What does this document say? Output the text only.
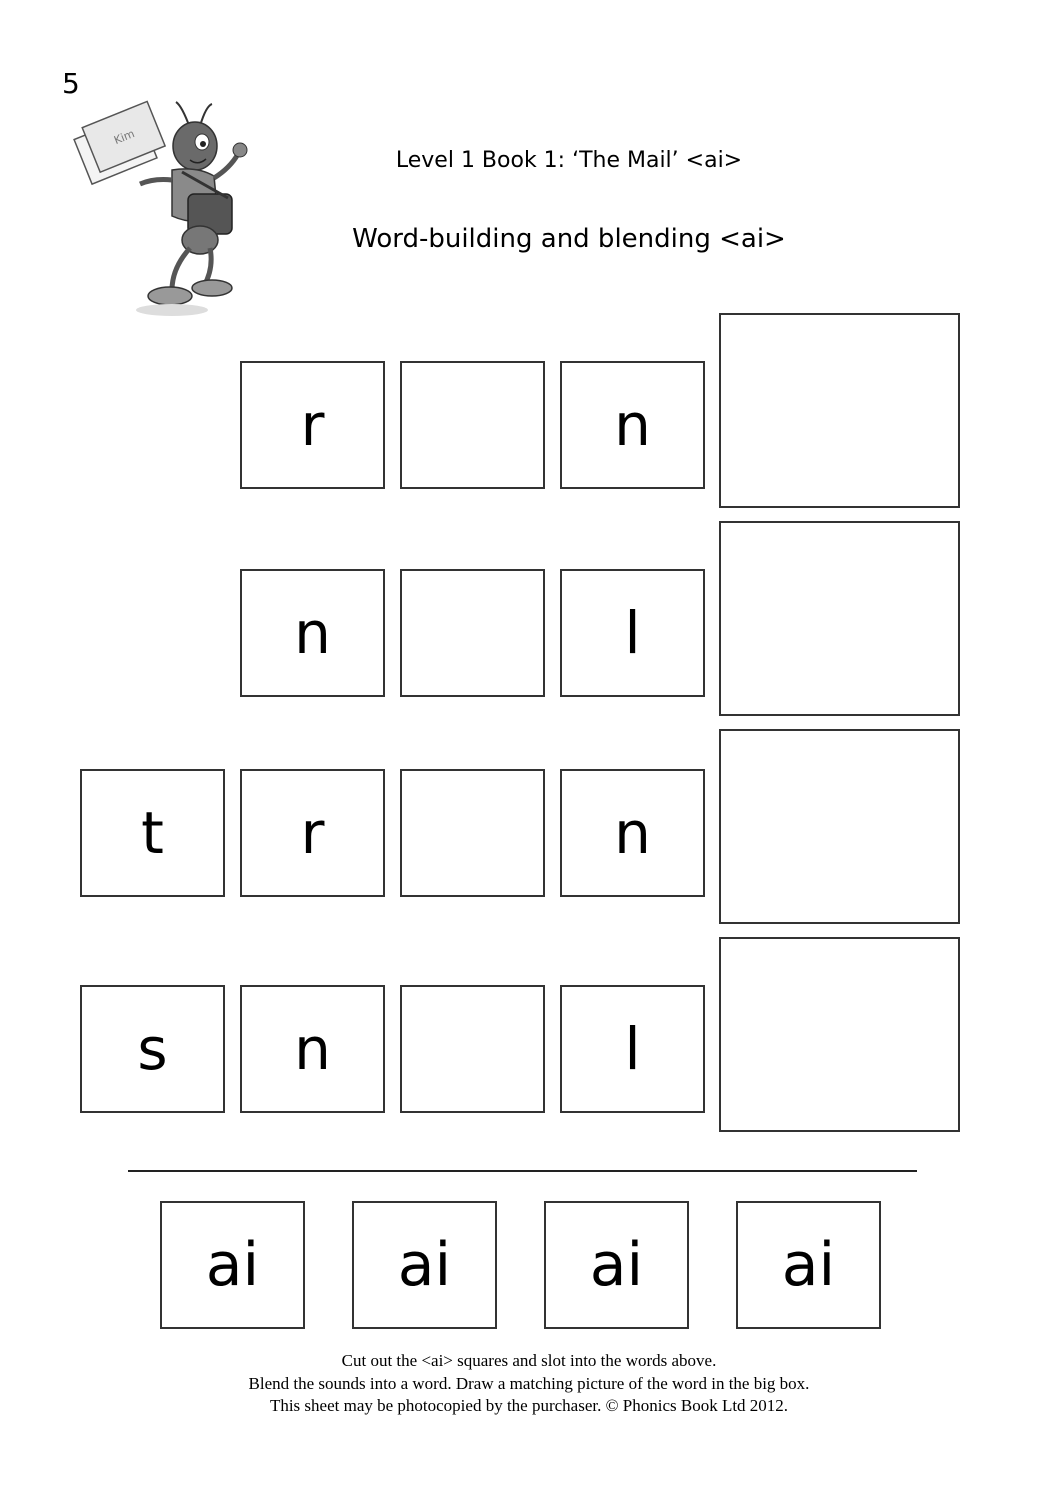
5
Kim
Level 1 Book 1: ‘The Mail’ <ai>
Word-building and blending <ai>
r	n
n	l
t	r	n
s	n	l
ai	ai	ai	ai
Cut out the <ai> squares and slot into the words above.
Blend the sounds into a word. Draw a matching picture of the word in the big box.
This sheet may be photocopied by the purchaser. © Phonics Book Ltd 2012.
